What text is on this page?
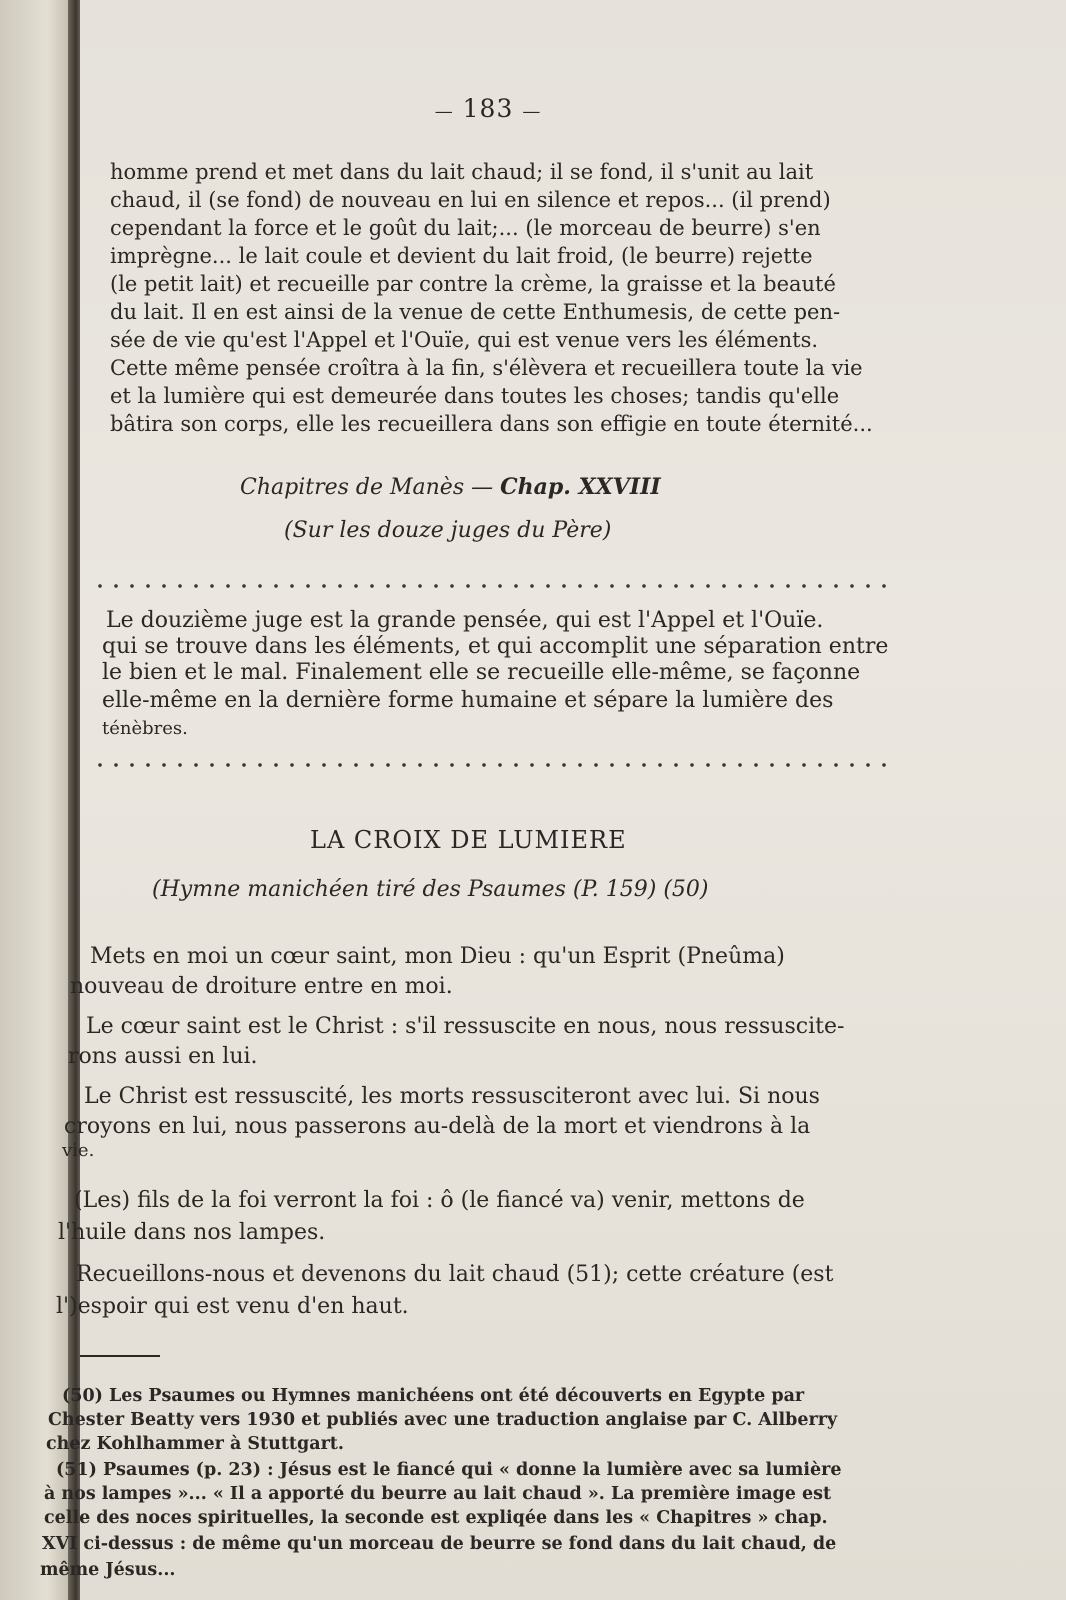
— 183 —
homme prend et met dans du lait chaud; il se fond, il s'unit au lait
chaud, il (se fond) de nouveau en lui en silence et repos... (il prend)
cependant la force et le goût du lait;... (le morceau de beurre) s'en
imprègne... le lait coule et devient du lait froid, (le beurre) rejette
(le petit lait) et recueille par contre la crème, la graisse et la beauté
du lait. Il en est ainsi de la venue de cette Enthumesis, de cette pen-
sée de vie qu'est l'Appel et l'Ouïe, qui est venue vers les éléments.
Cette même pensée croîtra à la fin, s'élèvera et recueillera toute la vie
et la lumière qui est demeurée dans toutes les choses; tandis qu'elle
bâtira son corps, elle les recueillera dans son effigie en toute éternité...
Chapitres de Manès — Chap. XXVIII
(Sur les douze juges du Père)
Le douzième juge est la grande pensée, qui est l'Appel et l'Ouïe.
qui se trouve dans les éléments, et qui accomplit une séparation entre
le bien et le mal. Finalement elle se recueille elle-même, se façonne
elle-même en la dernière forme humaine et sépare la lumière des
ténèbres.
LA CROIX DE LUMIERE
(Hymne manichéen tiré des Psaumes (P. 159) (50)
Mets en moi un cœur saint, mon Dieu : qu'un Esprit (Pneûma)
nouveau de droiture entre en moi.
Le cœur saint est le Christ : s'il ressuscite en nous, nous ressuscite-
rons aussi en lui.
Le Christ est ressuscité, les morts ressusciteront avec lui. Si nous
croyons en lui, nous passerons au-delà de la mort et viendrons à la
vie.
(Les) fils de la foi verront la foi : ô (le fiancé va) venir, mettons de
l'huile dans nos lampes.
Recueillons-nous et devenons du lait chaud (51); cette créature (est
l')espoir qui est venu d'en haut.
(50) Les Psaumes ou Hymnes manichéens ont été découverts en Egypte par
Chester Beatty vers 1930 et publiés avec une traduction anglaise par C. Allberry
chez Kohlhammer à Stuttgart.
(51) Psaumes (p. 23) : Jésus est le fiancé qui « donne la lumière avec sa lumière
à nos lampes »... « Il a apporté du beurre au lait chaud ». La première image est
celle des noces spirituelles, la seconde est expliqée dans les « Chapitres » chap.
XVI ci-dessus : de même qu'un morceau de beurre se fond dans du lait chaud, de
même Jésus...
